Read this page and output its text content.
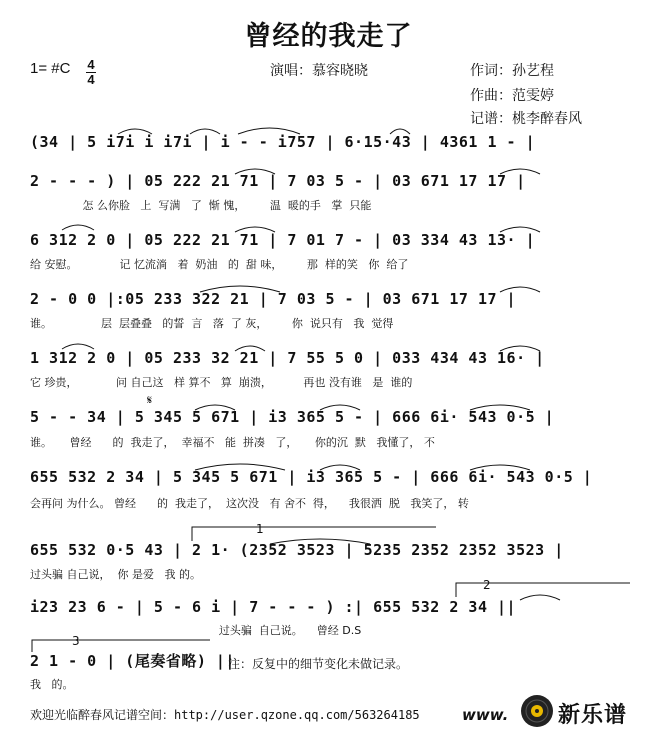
曾经的我走了
1= #C 4
4
演唱：慕容晓晓	作词：孙艺程
作曲：范雯婷
记谱：桃李醉春风
(34 | 5 i7i i i7i | i - - i757 | 6·15·43 | 4361 1 - |
2 - - - ) | 05 222 21 71 | 7 03 5 - | 03 671 17 17 |
怎 么你脸   上  写满   了  惭 愧，       温  暖的手   掌  只能
6 312 2 0 | 05 222 21 71 | 7 01 7 - | 03 334 43 13· |
给 安慰。            记 忆流淌   着  奶油   的  甜 味，       那  样的笑   你  给了
2 - 0 0 |:05 233 322 21 | 7 03 5 - | 03 671 17 17 |
谁。              层  层叠叠   的誓  言   落  了 灰，       你  说只有   我  觉得
1 312 2 0 | 05 233 32 21 | 7 55 5 0 | 033 434 43 16· |
它 珍贵，           问 自己这   样 算不   算  崩溃，         再也 没有谁   是  谁的
𝄋
5 - - 34 | 5 345 5 671 | i3 365 5 - | 666 6i· 543 0·5 |
谁。     曾经      的  我走了，  幸福不   能  拼凑   了，     你的沉  默   我懂了， 不
655 532 2 34 | 5 345 5 671 | i3 365 5 - | 666 6i· 543 0·5 |
会再问 为什么。 曾经      的  我走了，  这次没   有 舍不  得，    我很洒  脱   我笑了， 转
1
655 532 0·5 43 | 2 1· (2352 3523 | 5235 2352 2352 3523 |
过头骗 自己说，  你 是爱   我 的。
2
i23 23 6 - | 5 - 6 i | 7 - - - ) :| 655 532 2 34 ||
过头骗  自己说。    曾经 D.S
3
2 1 - 0 | (尾奏省略) ||
我   的。
注：反复中的细节变化未做记录。
欢迎光临醉春风记谱空间：http://user.qzone.qq.com/563264185	www. 新乐谱
